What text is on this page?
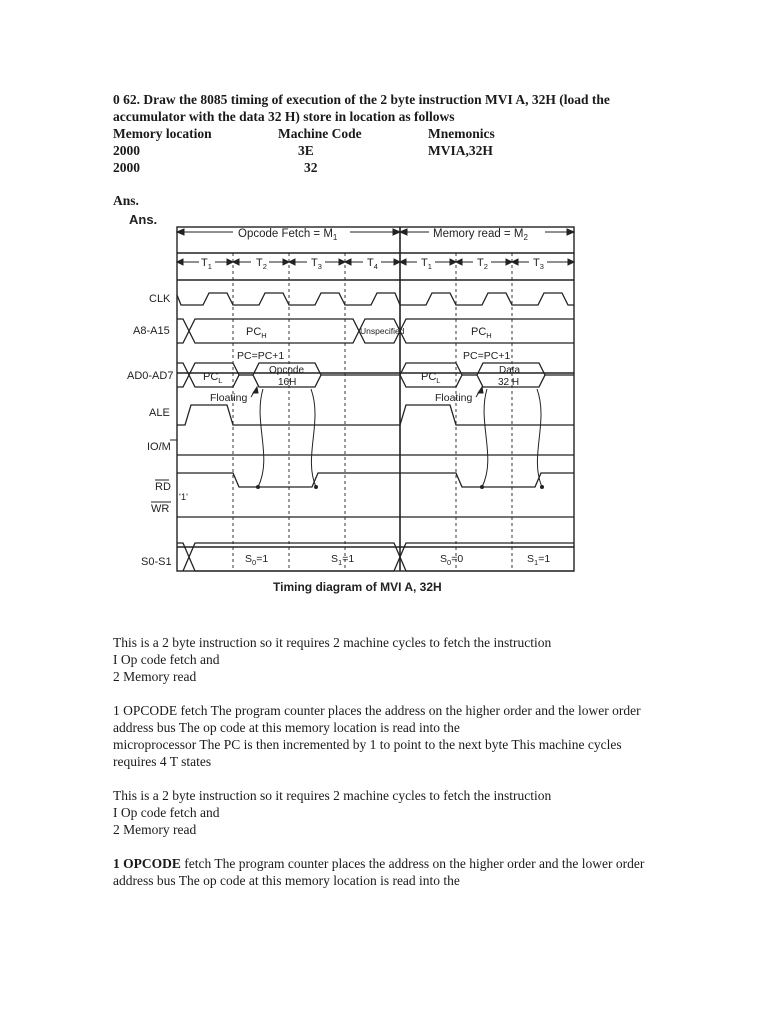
0 62. Draw the 8085 timing of execution of the 2 byte instruction MVI A, 32H (load the
accumulator with the data 32 H) store in location as follows
Memory location	Machine Code	Mnemonics
2000	3E	MVIA,32H
2000	32
Ans.
Ans.
Opcode Fetch = $M_1$	Memory read = $M_2$
$T_1$	$T_2$	$T_3$	$T_4$	$T_1$	$T_2$	$T_3$
CLK
A8-A15
AD0-AD7
ALE
IO/M
RD
WR
S0-S1
$PC_H$	Unspecified	$PC_H$
PC=PC+1	PC=PC+1
$PC_L$
Opcode
16H	$PC_L$
Data
32 H
Floating	Floating
'1'
$S_0=1$	$S_1=1$	$S_0=0$	$S_1=1$
Timing diagram of MVI A, 32H

This is a 2 byte instruction so it requires 2 machine cycles to fetch the instruction

I Op code fetch and

2 Memory read

1 OPCODE fetch The program counter places the address on the higher order and the lower order

address bus The op code at this memory location is read into the

microprocessor The PC is then incremented by 1 to point to the next byte This machine cycles

requires 4 T states

This is a 2 byte instruction so it requires 2 machine cycles to fetch the instruction

I Op code fetch and

2 Memory read

1 OPCODE fetch The program counter places the address on the higher order and the lower order

address bus The op code at this memory location is read into the
